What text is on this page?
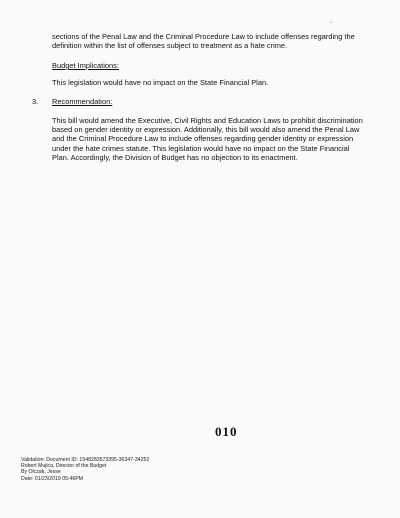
•
sections of the Penal Law and the Criminal Procedure Law to include offenses regarding the
definition within the list of offenses subject to treatment as a hate crime.
Budget Implications:
This legislation would have no impact on the State Financial Plan.
3. Recommendation:
This bill would amend the Executive, Civil Rights and Education Laws to prohibit discrimination
based on gender identity or expression. Additionally, this bill would also amend the Penal Law
and the Criminal Procedure Law to include offenses regarding gender identity or expression
under the hate crimes statute. This legislation would have no impact on the State Financial
Plan. Accordingly, the Division of Budget has no objection to its enactment.
010
Validation: Document ID: 1548283573395-36347-34252
Robert Mujica, Director of the Budget
By Olczak, Jesse
Date: 01/23/2019 05:46PM
